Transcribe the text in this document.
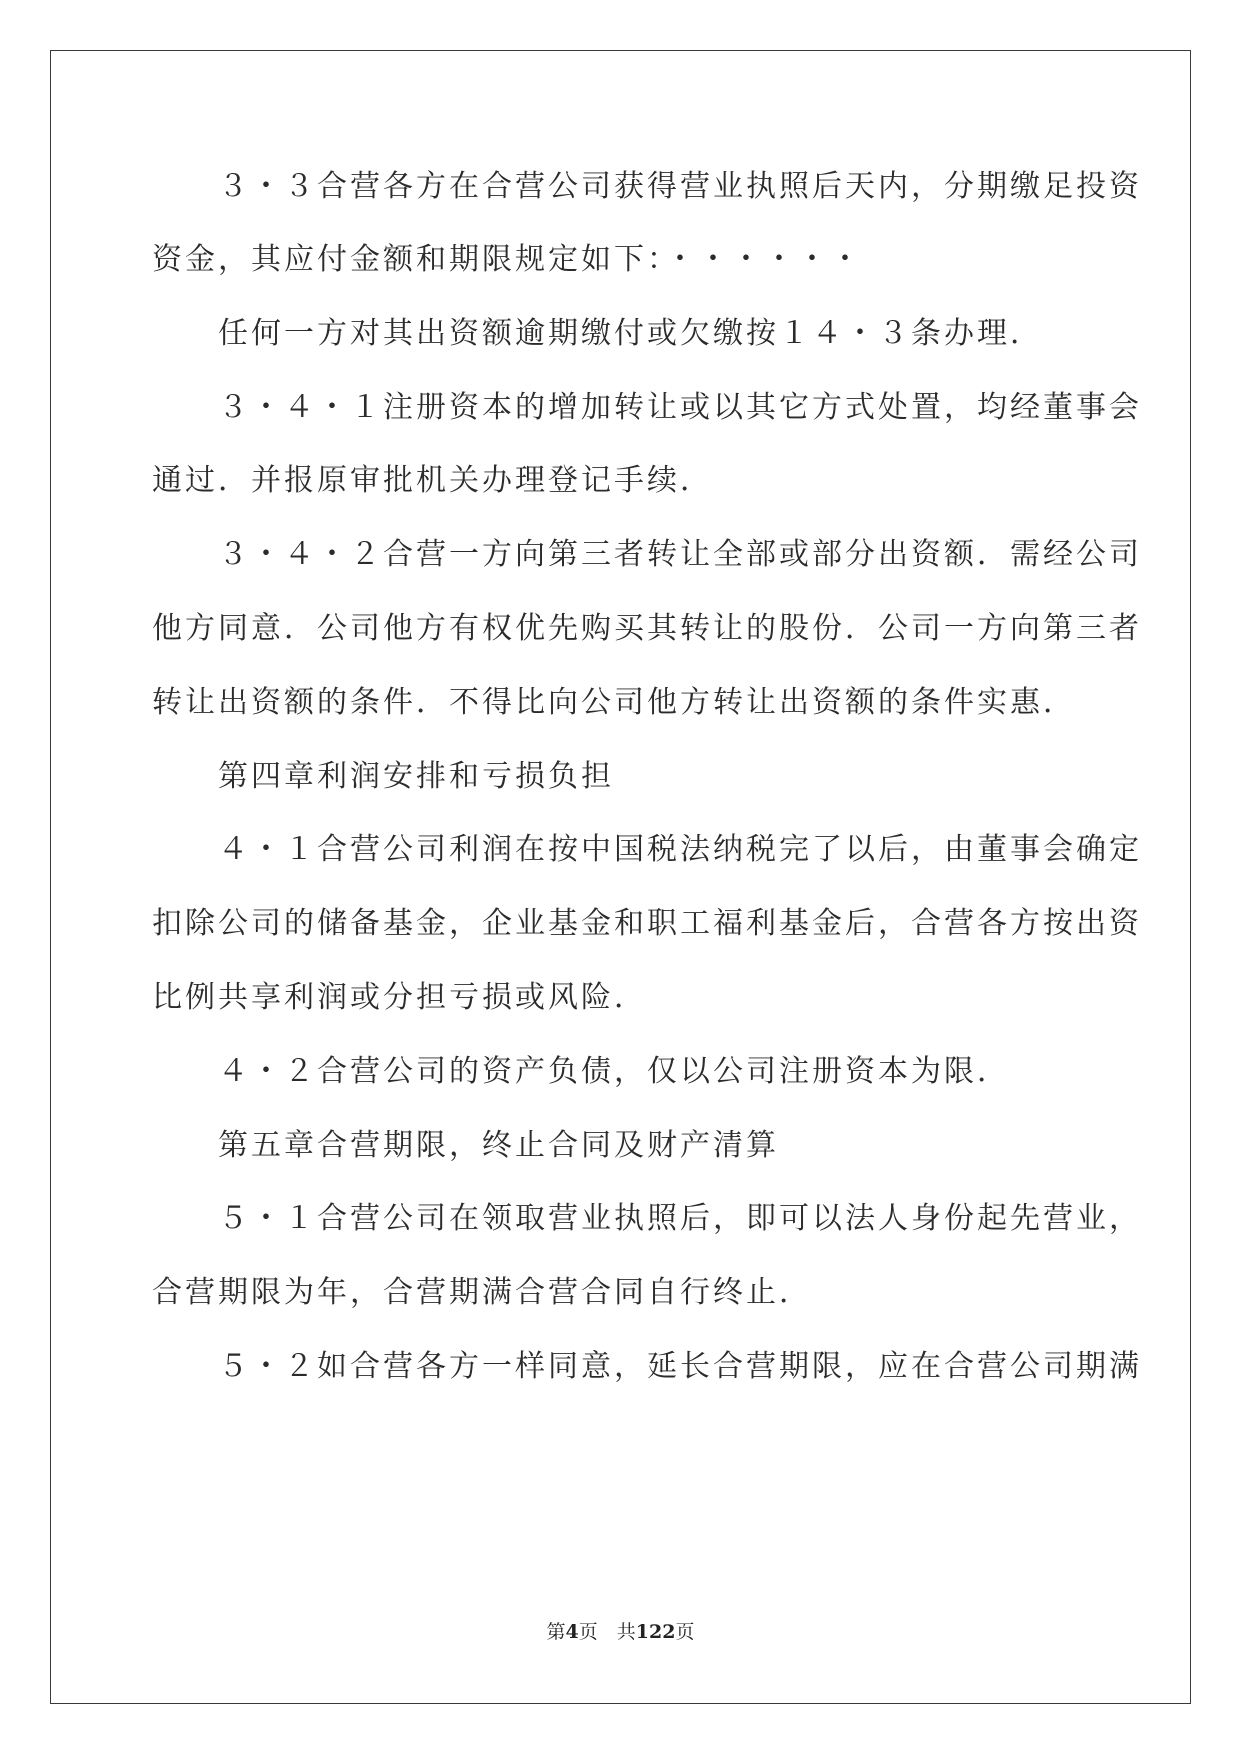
３・３合营各方在合营公司获得营业执照后天内，分期缴足投资
资金，其应付金额和期限规定如下：・・・・・・
任何一方对其出资额逾期缴付或欠缴按１４・３条办理．
３・４・１注册资本的增加转让或以其它方式处置，均经董事会
通过．并报原审批机关办理登记手续．
３・４・２合营一方向第三者转让全部或部分出资额．需经公司
他方同意．公司他方有权优先购买其转让的股份．公司一方向第三者
转让出资额的条件．不得比向公司他方转让出资额的条件实惠．
第四章利润安排和亏损负担
４・１合营公司利润在按中国税法纳税完了以后，由董事会确定
扣除公司的储备基金，企业基金和职工福利基金后，合营各方按出资
比例共享利润或分担亏损或风险．
４・２合营公司的资产负债，仅以公司注册资本为限．
第五章合营期限，终止合同及财产清算
５・１合营公司在领取营业执照后，即可以法人身份起先营业，
合营期限为年，合营期满合营合同自行终止．
５・２如合营各方一样同意，延长合营期限，应在合营公司期满
第4页　共122页
